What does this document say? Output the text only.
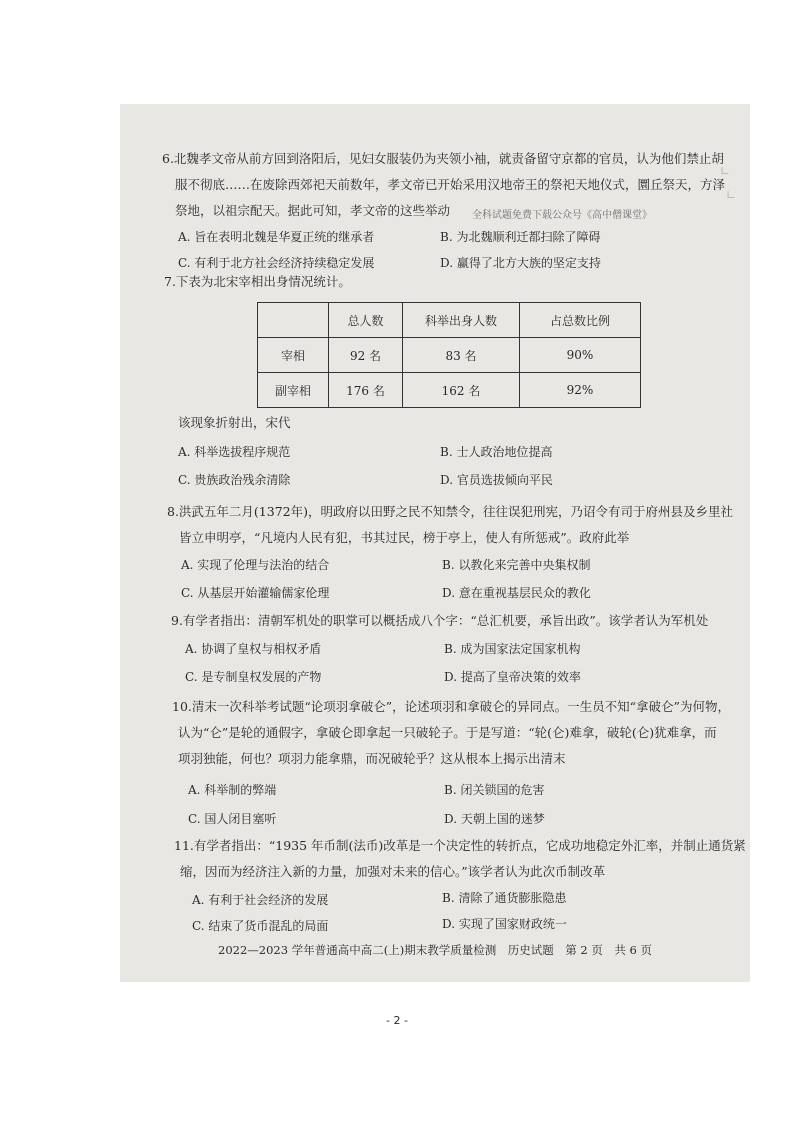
∟
∟
6.北魏孝文帝从前方回到洛阳后，见妇女服装仍为夹领小袖，就责备留守京都的官员，认为他们禁止胡
服不彻底……在废除西郊祀天前数年，孝文帝已开始采用汉地帝王的祭祀天地仪式，圜丘祭天，方泽
祭地，以祖宗配天。据此可知，孝文帝的这些举动 全科试题免费下载公众号《高中僧课堂》
A. 旨在表明北魏是华夏正统的继承者	B. 为北魏顺利迁都扫除了障碍
C. 有利于北方社会经济持续稳定发展	D. 赢得了北方大族的坚定支持
7.下表为北宋宰相出身情况统计。
	总人数	科举出身人数	占总数比例
宰相	92 名	83 名	90%
副宰相	176 名	162 名	92%
该现象折射出，宋代
A. 科举选拔程序规范	B. 士人政治地位提高
C. 贵族政治残余清除	D. 官员选拔倾向平民
8.洪武五年二月(1372年)，明政府以田野之民不知禁令，往往误犯刑宪，乃诏令有司于府州县及乡里社
皆立申明亭，“凡境内人民有犯，书其过民，榜于亭上，使人有所惩戒”。政府此举
A. 实现了伦理与法治的结合	B. 以教化来完善中央集权制
C. 从基层开始灌输儒家伦理	D. 意在重视基层民众的教化
9.有学者指出：清朝军机处的职掌可以概括成八个字：“总汇机要，承旨出政”。该学者认为军机处
A. 协调了皇权与相权矛盾	B. 成为国家法定国家机构
C. 是专制皇权发展的产物	D. 提高了皇帝决策的效率
10.清末一次科举考试题“论项羽拿破仑”，论述项羽和拿破仑的异同点。一生员不知“拿破仑”为何物，
认为“仑”是轮的通假字，拿破仑即拿起一只破轮子。于是写道：“轮(仑)难拿，破轮(仑)犹难拿，而
项羽独能，何也？项羽力能拿鼎，而况破轮乎？这从根本上揭示出清末
A. 科举制的弊端	B. 闭关锁国的危害
C. 国人闭目塞听	D. 天朝上国的迷梦
11.有学者指出：“1935 年币制(法币)改革是一个决定性的转折点，它成功地稳定外汇率，并制止通货紧
缩，因而为经济注入新的力量，加强对未来的信心。”该学者认为此次币制改革
A. 有利于社会经济的发展	B. 清除了通货膨胀隐患
C. 结束了货币混乱的局面	D. 实现了国家财政统一
2022—2023 学年普通高中高二(上)期末教学质量检测　历史试题　第 2 页　共 6 页
- 2 -
